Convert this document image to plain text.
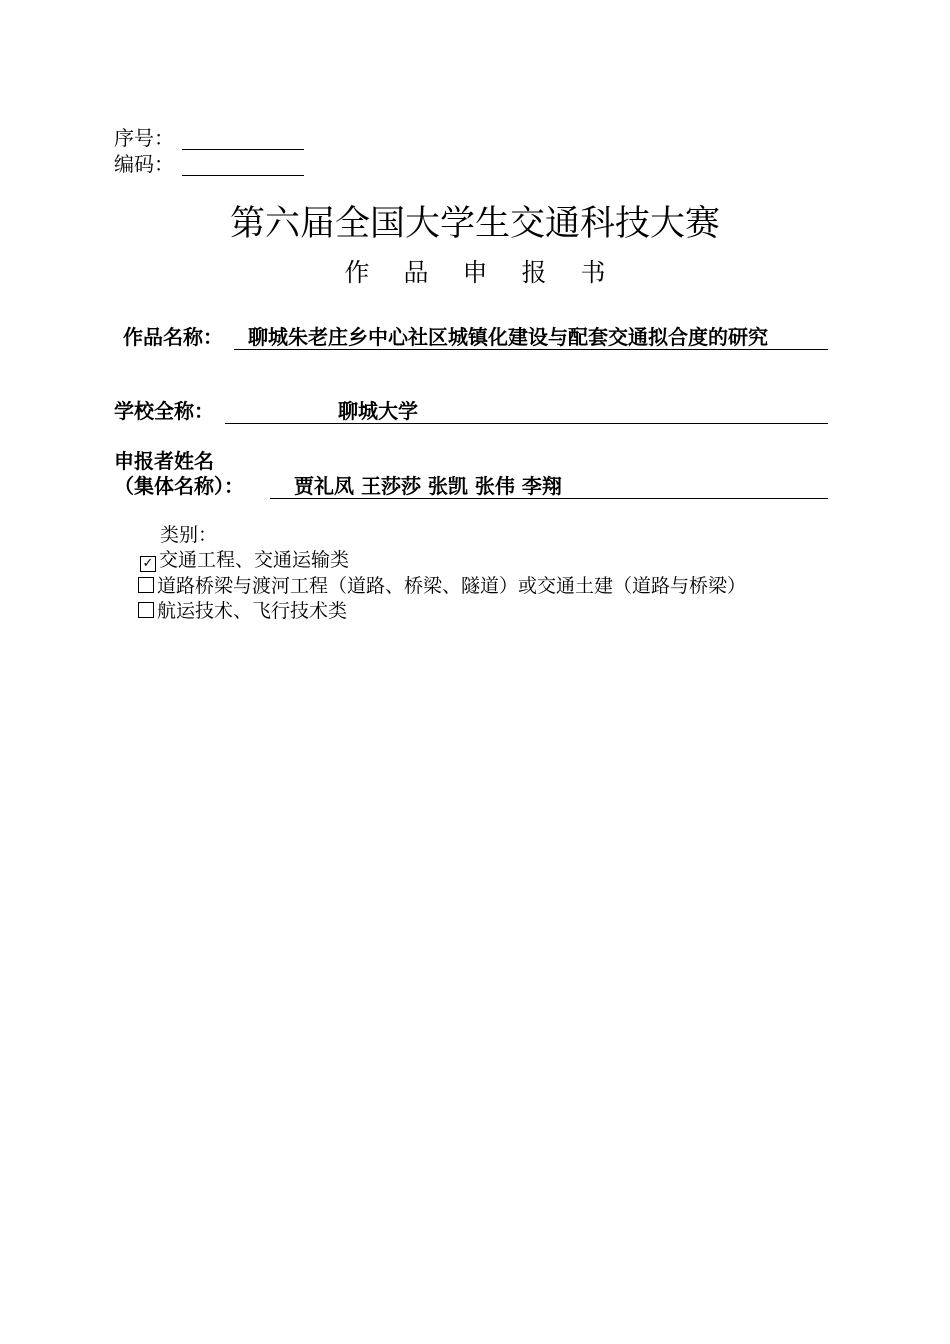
序号：
编码：
第六届全国大学生交通科技大赛
作品申报书
作品名称：	聊城朱老庄乡中心社区城镇化建设与配套交通拟合度的研究
学校全称：	聊城大学
申报者姓名
（集体名称）：	贾礼凤 王莎莎 张凯 张伟 李翔
类别：
✓ 交通工程、交通运输类
道路桥梁与渡河工程（道路、桥梁、隧道）或交通土建（道路与桥梁）
航运技术、飞行技术类
